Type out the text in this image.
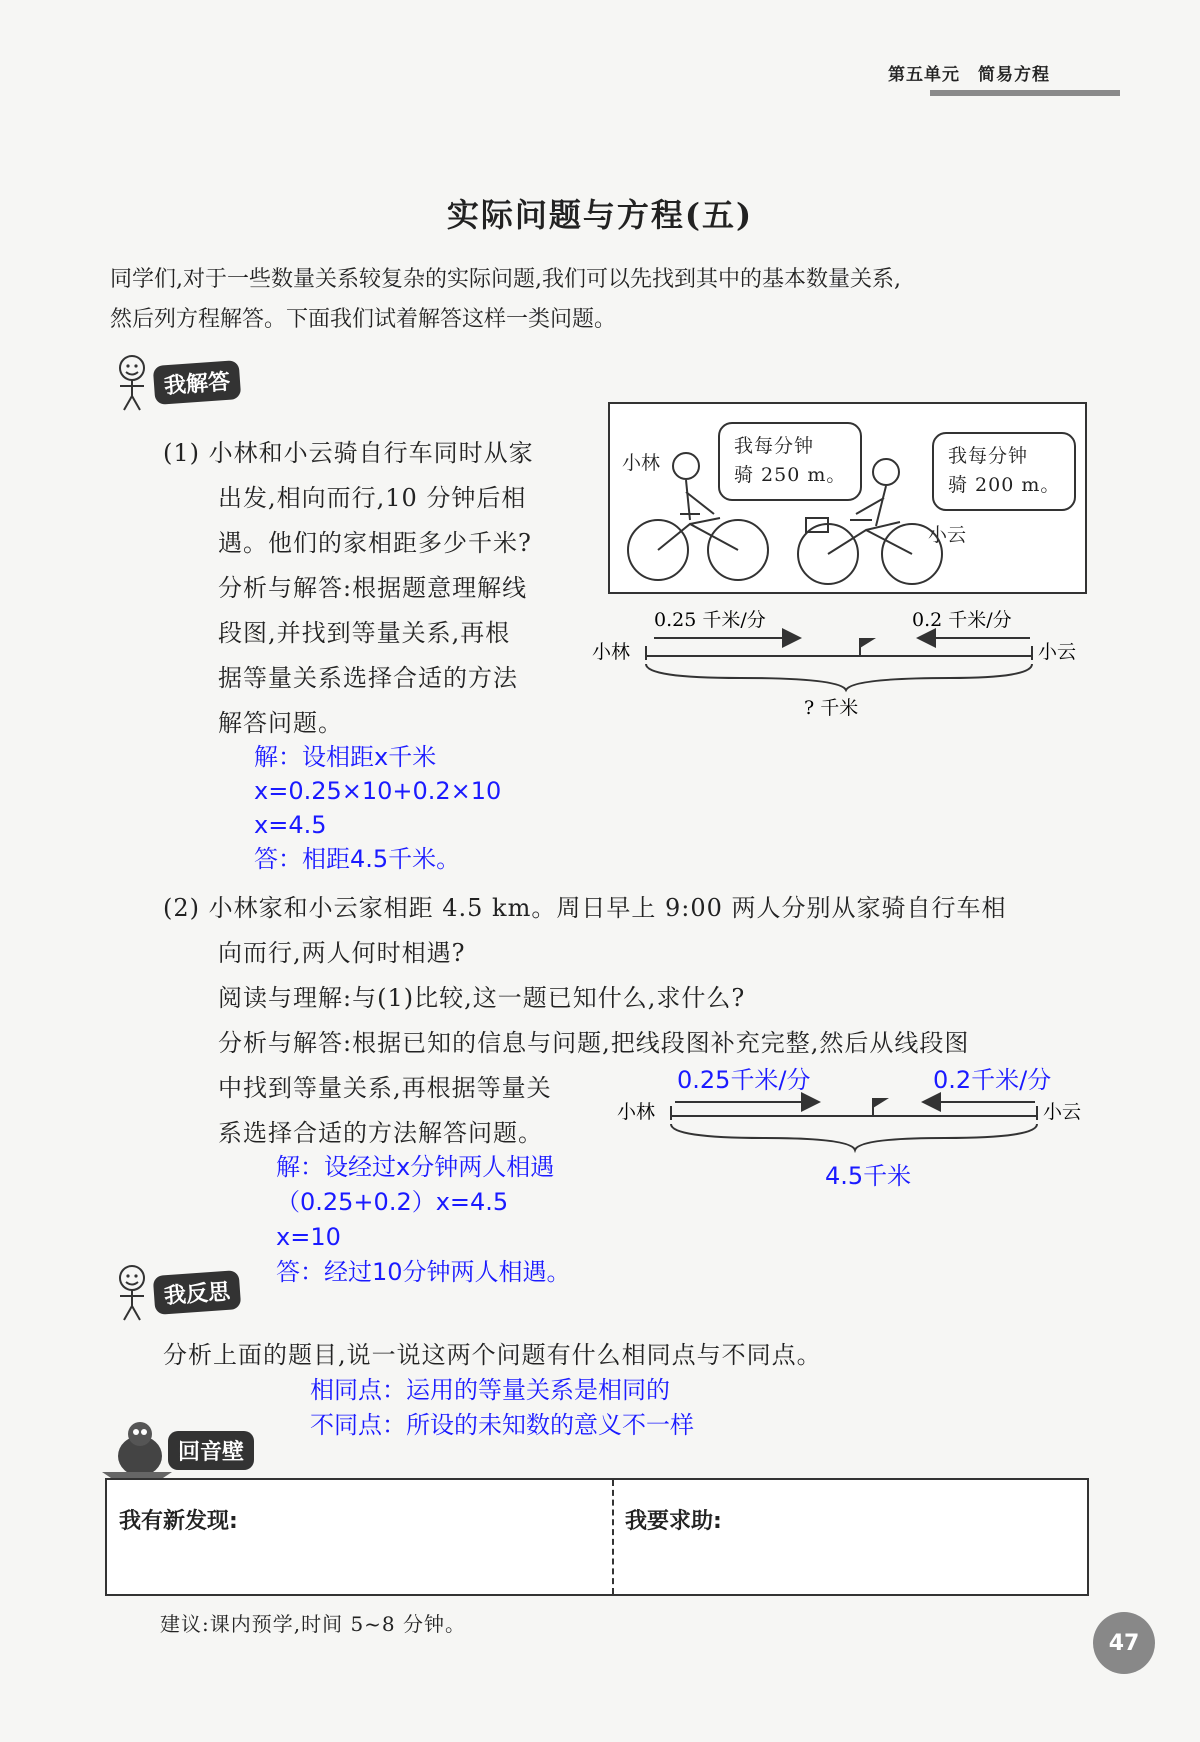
第五单元　简易方程
实际问题与方程(五)
同学们,对于一些数量关系较复杂的实际问题,我们可以先找到其中的基本数量关系,
然后列方程解答。下面我们试着解答这样一类问题。
我解答
(1) 小林和小云骑自行车同时从家
出发,相向而行,10 分钟后相
遇。他们的家相距多少千米?
分析与解答:根据题意理解线
段图,并找到等量关系,再根
据等量关系选择合适的方法
解答问题。
小林
我每分钟
骑 250 m。
我每分钟
骑 200 m。
小云
0.25 千米/分	0.2 千米/分
小林	小云
? 千米
解：设相距x千米
x=0.25×10+0.2×10
x=4.5
答：相距4.5千米。
(2) 小林家和小云家相距 4.5 km。周日早上 9:00 两人分别从家骑自行车相
向而行,两人何时相遇?
阅读与理解:与(1)比较,这一题已知什么,求什么?
分析与解答:根据已知的信息与问题,把线段图补充完整,然后从线段图
中找到等量关系,再根据等量关
系选择合适的方法解答问题。
0.25千米/分	0.2千米/分
小林	小云
4.5千米
解：设经过x分钟两人相遇
（0.25+0.2）x=4.5
x=10
答：经过10分钟两人相遇。
我反思
分析上面的题目,说一说这两个问题有什么相同点与不同点。
相同点：运用的等量关系是相同的
不同点：所设的未知数的意义不一样
回音壁
我有新发现:	我要求助:
建议:课内预学,时间 5~8 分钟。
47
